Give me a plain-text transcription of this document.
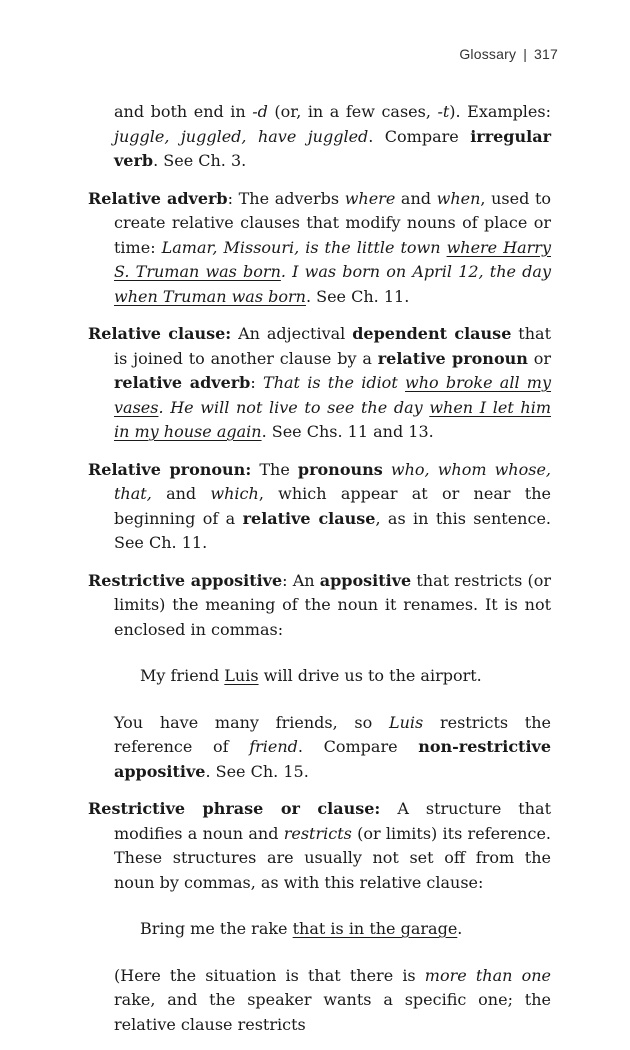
Glossary | 317

and both end in -d (or, in a few cases, -t). Examples: juggle, juggled, have juggled. Compare irregular verb. See Ch. 3.

Relative adverb: The adverbs where and when, used to create relative clauses that modify nouns of place or time: Lamar, Missouri, is the little town where Harry S. Truman was born. I was born on April 12, the day when Truman was born. See Ch. 11.

Relative clause: An adjectival dependent clause that is joined to another clause by a relative pronoun or relative adverb: That is the idiot who broke all my vases. He will not live to see the day when I let him in my house again. See Chs. 11 and 13.

Relative pronoun: The pronouns who, whom whose, that, and which, which appear at or near the beginning of a relative clause, as in this sentence. See Ch. 11.

Restrictive appositive: An appositive that restricts (or limits) the meaning of the noun it renames. It is not enclosed in commas:

My friend Luis will drive us to the airport.

You have many friends, so Luis restricts the reference of friend. Compare non-restrictive appositive. See Ch. 15.

Restrictive phrase or clause: A structure that modifies a noun and restricts (or limits) its reference. These structures are usually not set off from the noun by commas, as with this relative clause:

Bring me the rake that is in the garage.

(Here the situation is that there is more than one rake, and the speaker wants a specific one; the relative clause restricts
